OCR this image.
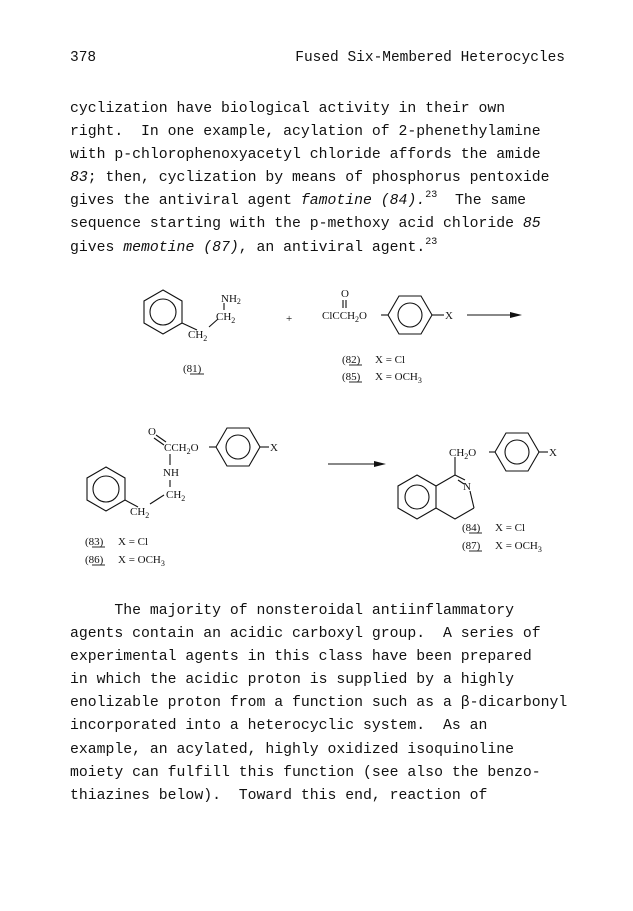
378	Fused Six-Membered Heterocycles
cyclization have biological activity in their own
right.  In one example, acylation of 2-phenethylamine
with p-chlorophenoxyacetyl chloride affords the amide
83; then, cyclization by means of phosphorus pentoxide
gives the antiviral agent famotine (84).$^{23}$  The same
sequence starting with the p-methoxy acid chloride 85
gives memotine (87), an antiviral agent.$^{23}$
NH2
$CH_2$
$CH_2$
(81)
+
O
ClCCH$_2$O	X
(82) X = Cl
(85) $X = OCH_3$
$CH_2$
$CH_2$
NH
O
$CCH_2O$	X
(83) X = Cl
(86) $X = OCH_3$
N
$CH_2O$	X
(84) X = Cl
(87) $X = OCH_3$
The majority of nonsteroidal antiinflammatory
agents contain an acidic carboxyl group.  A series of
experimental agents in this class have been prepared
in which the acidic proton is supplied by a highly
enolizable proton from a function such as a β-dicarbonyl
incorporated into a heterocyclic system.  As an
example, an acylated, highly oxidized isoquinoline
moiety can fulfill this function (see also the benzo-
thiazines below).  Toward this end, reaction of
